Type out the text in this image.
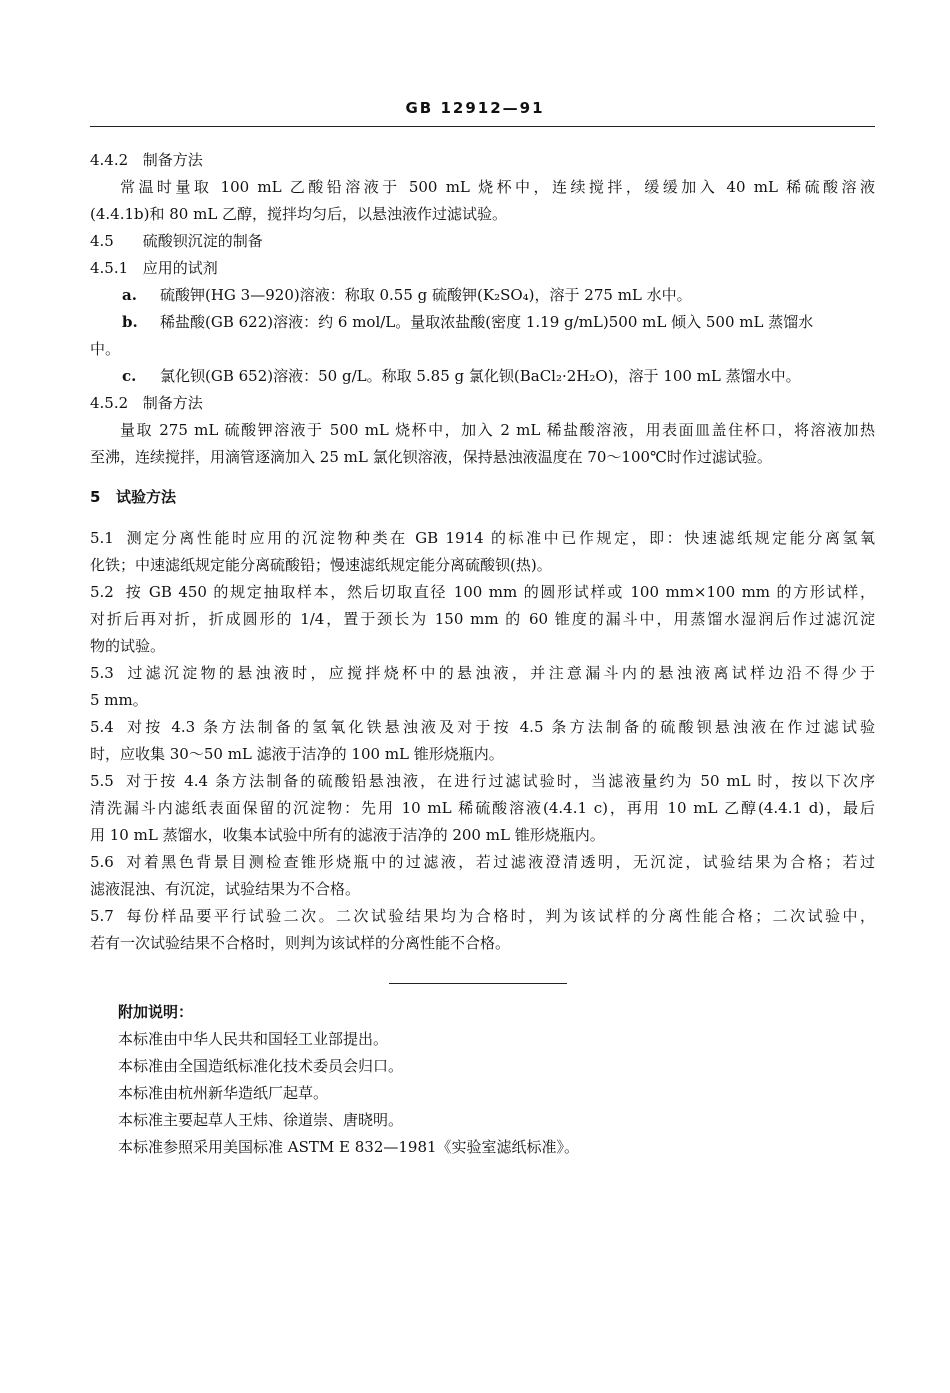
GB 12912—91
4.4.2 制备方法
常温时量取 100 mL 乙酸铅溶液于 500 mL 烧杯中，连续搅拌，缓缓加入 40 mL 稀硫酸溶液
(4.4.1b)和 80 mL 乙醇，搅拌均匀后，以悬浊液作过滤试验。
4.5 硫酸钡沉淀的制备
4.5.1 应用的试剂
a. 硫酸钾(HG 3—920)溶液：称取 0.55 g 硫酸钾(K₂SO₄)，溶于 275 mL 水中。
b. 稀盐酸(GB 622)溶液：约 6 mol/L。量取浓盐酸(密度 1.19 g/mL)500 mL 倾入 500 mL 蒸馏水
中。
c. 氯化钡(GB 652)溶液：50 g/L。称取 5.85 g 氯化钡(BaCl₂·2H₂O)，溶于 100 mL 蒸馏水中。
4.5.2 制备方法
量取 275 mL 硫酸钾溶液于 500 mL 烧杯中，加入 2 mL 稀盐酸溶液，用表面皿盖住杯口，将溶液加热
至沸，连续搅拌，用滴管逐滴加入 25 mL 氯化钡溶液，保持悬浊液温度在 70～100℃时作过滤试验。
5 试验方法
5.1 测定分离性能时应用的沉淀物种类在 GB 1914 的标准中已作规定，即：快速滤纸规定能分离氢氧
化铁；中速滤纸规定能分离硫酸铅；慢速滤纸规定能分离硫酸钡(热)。
5.2 按 GB 450 的规定抽取样本，然后切取直径 100 mm 的圆形试样或 100 mm×100 mm 的方形试样，
对折后再对折，折成圆形的 1/4，置于颈长为 150 mm 的 60 锥度的漏斗中，用蒸馏水湿润后作过滤沉淀
物的试验。
5.3 过滤沉淀物的悬浊液时，应搅拌烧杯中的悬浊液，并注意漏斗内的悬浊液离试样边沿不得少于
5 mm。
5.4 对按 4.3 条方法制备的氢氧化铁悬浊液及对于按 4.5 条方法制备的硫酸钡悬浊液在作过滤试验
时，应收集 30～50 mL 滤液于洁净的 100 mL 锥形烧瓶内。
5.5 对于按 4.4 条方法制备的硫酸铅悬浊液，在进行过滤试验时，当滤液量约为 50 mL 时，按以下次序
清洗漏斗内滤纸表面保留的沉淀物：先用 10 mL 稀硫酸溶液(4.4.1 c)，再用 10 mL 乙醇(4.4.1 d)，最后
用 10 mL 蒸馏水，收集本试验中所有的滤液于洁净的 200 mL 锥形烧瓶内。
5.6 对着黑色背景目测检查锥形烧瓶中的过滤液，若过滤液澄清透明，无沉淀，试验结果为合格；若过
滤液混浊、有沉淀，试验结果为不合格。
5.7 每份样品要平行试验二次。二次试验结果均为合格时，判为该试样的分离性能合格；二次试验中，
若有一次试验结果不合格时，则判为该试样的分离性能不合格。
附加说明：
本标准由中华人民共和国轻工业部提出。
本标准由全国造纸标准化技术委员会归口。
本标准由杭州新华造纸厂起草。
本标准主要起草人王炜、徐道崇、唐晓明。
本标准参照采用美国标准 ASTM E 832—1981《实验室滤纸标准》。
